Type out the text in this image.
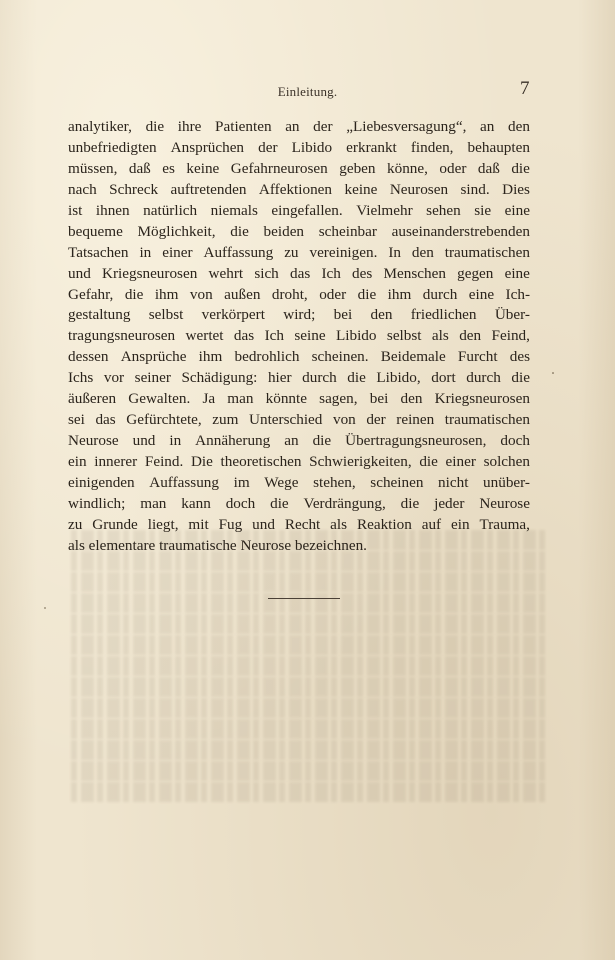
Einleitung.	7
analytiker, die ihre Patienten an der „Liebesversagung“, an den
unbefriedigten Ansprüchen der Libido erkrankt finden, behaupten
müssen, daß es keine Gefahrneurosen geben könne, oder daß die
nach Schreck auftretenden Affektionen keine Neurosen sind. Dies
ist ihnen natürlich niemals eingefallen. Vielmehr sehen sie eine
bequeme Möglichkeit, die beiden scheinbar auseinanderstrebenden
Tatsachen in einer Auffassung zu vereinigen. In den traumatischen
und Kriegsneurosen wehrt sich das Ich des Menschen gegen eine
Gefahr, die ihm von außen droht, oder die ihm durch eine Ich-
gestaltung selbst verkörpert wird; bei den friedlichen Über-
tragungsneurosen wertet das Ich seine Libido selbst als den Feind,
dessen Ansprüche ihm bedrohlich scheinen. Beidemale Furcht des
Ichs vor seiner Schädigung: hier durch die Libido, dort durch die
äußeren Gewalten. Ja man könnte sagen, bei den Kriegsneurosen
sei das Gefürchtete, zum Unterschied von der reinen traumatischen
Neurose und in Annäherung an die Übertragungsneurosen, doch
ein innerer Feind. Die theoretischen Schwierigkeiten, die einer solchen
einigenden Auffassung im Wege stehen, scheinen nicht unüber-
windlich; man kann doch die Verdrängung, die jeder Neurose
zu Grunde liegt, mit Fug und Recht als Reaktion auf ein Trauma,
als elementare traumatische Neurose bezeichnen.
